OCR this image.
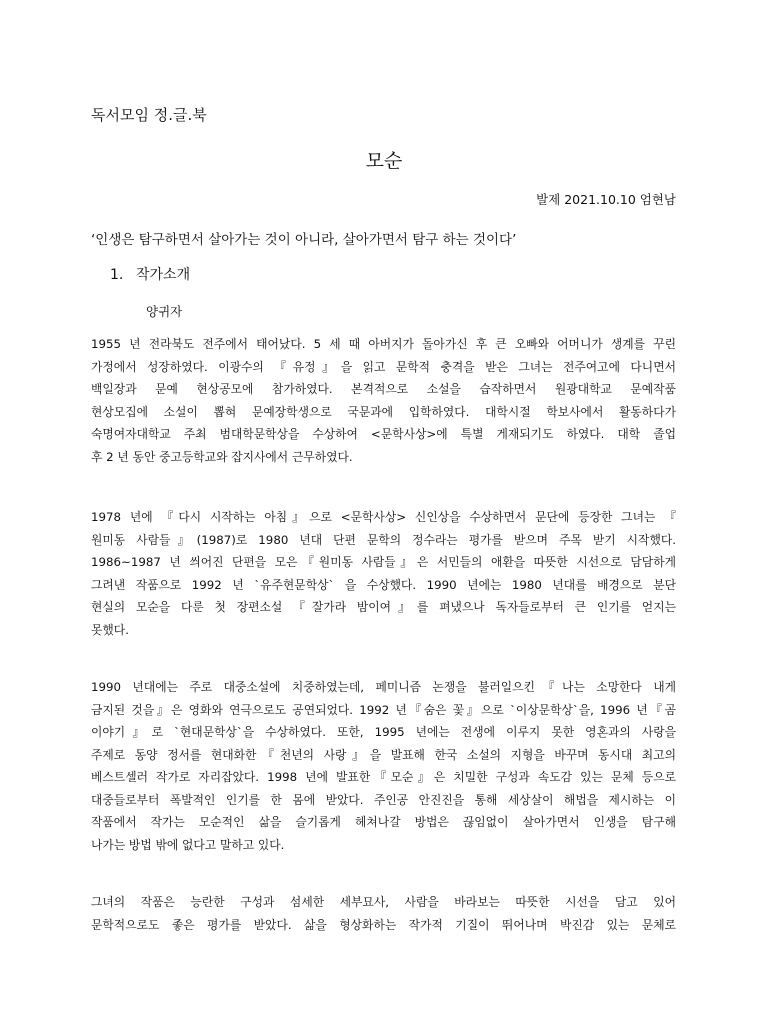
독서모임 정.글.북
모순
발제 2021.10.10 엄현남
‘인생은 탐구하면서 살아가는 것이 아니라, 살아가면서 탐구 하는 것이다’
1. 작가소개
양귀자
1955 년 전라북도 전주에서 태어났다. 5 세 때 아버지가 돌아가신 후 큰 오빠와 어머니가 생계를 꾸린
가정에서 성장하였다. 이광수의 『유정』을 읽고 문학적 충격을 받은 그녀는 전주여고에 다니면서
백일장과 문예 현상공모에 참가하였다. 본격적으로 소설을 습작하면서 원광대학교 문예작품
현상모집에 소설이 뽑혀 문예장학생으로 국문과에 입학하였다. 대학시절 학보사에서 활동하다가
숙명여자대학교 주최 범대학문학상을 수상하여 <문학사상>에 특별 게재되기도 하였다. 대학 졸업
후 2 년 동안 중고등학교와 잡지사에서 근무하였다.
1978 년에 『다시 시작하는 아침』으로 <문학사상> 신인상을 수상하면서 문단에 등장한 그녀는 『
원미동 사람들』(1987)로 1980 년대 단편 문학의 정수라는 평가를 받으며 주목 받기 시작했다.
1986~1987 년 씌어진 단편을 모은『원미동 사람들』은 서민들의 애환을 따뜻한 시선으로 담담하게
그려낸 작품으로 1992 년 `유주현문학상` 을 수상했다. 1990 년에는 1980 년대를 배경으로 분단
현실의 모순을 다룬 첫 장편소설 『잘가라 밤이여』를 펴냈으나 독자들로부터 큰 인기를 얻지는
못했다.
1990 년대에는 주로 대중소설에 치중하였는데, 페미니즘 논쟁을 불러일으킨『나는 소망한다 내게
금지된 것을』은 영화와 연극으로도 공연되었다. 1992 년『숨은 꽃』으로 `이상문학상`을, 1996 년『곰
이야기』로 `현대문학상`을 수상하였다. 또한, 1995 년에는 전생에 이루지 못한 영혼과의 사랑을
주제로 동양 정서를 현대화한『천년의 사랑』을 발표해 한국 소설의 지형을 바꾸며 동시대 최고의
베스트셀러 작가로 자리잡았다. 1998 년에 발표한『모순』은 치밀한 구성과 속도감 있는 문체 등으로
대중들로부터 폭발적인 인기를 한 몸에 받았다. 주인공 안진진을 통해 세상살이 해법을 제시하는 이
작품에서 작가는 모순적인 삶을 슬기롭게 헤쳐나갈 방법은 끊임없이 살아가면서 인생을 탐구해
나가는 방법 밖에 없다고 말하고 있다.
그녀의 작품은 능란한 구성과 섬세한 세부묘사, 사람을 바라보는 따뜻한 시선을 담고 있어
문학적으로도 좋은 평가를 받았다. 삶을 형상화하는 작가적 기질이 뛰어나며 박진감 있는 문체로
